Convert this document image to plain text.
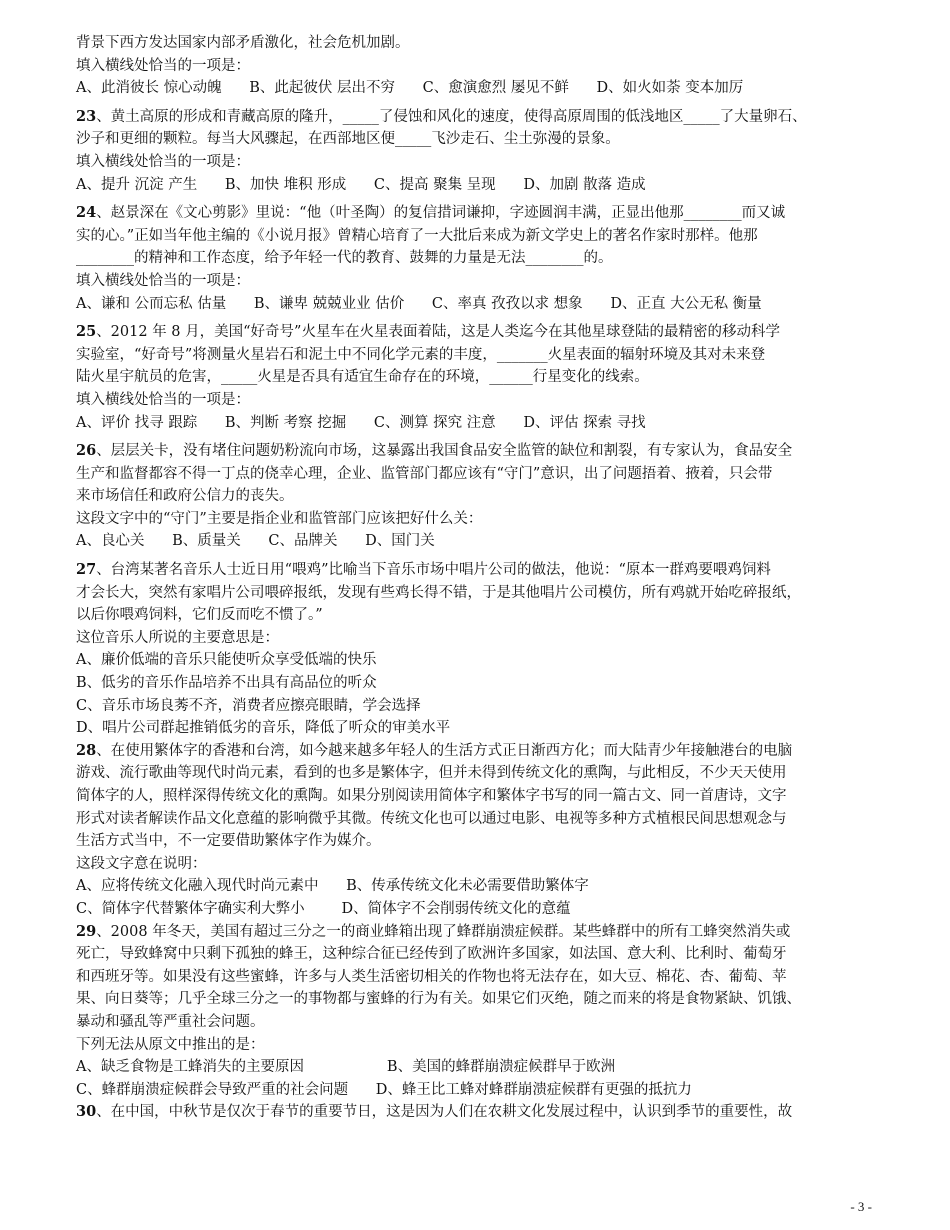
背景下西方发达国家内部矛盾激化，社会危机加剧。

填入横线处恰当的一项是：

A、此消彼长 惊心动魄      B、此起彼伏 层出不穷      C、愈演愈烈 屡见不鲜      D、如火如荼 变本加厉

23、黄土高原的形成和青藏高原的隆升，_____了侵蚀和风化的速度，使得高原周围的低浅地区_____了大量卵石、

沙子和更细的颗粒。每当大风骤起，在西部地区便_____飞沙走石、尘土弥漫的景象。

填入横线处恰当的一项是：

A、提升 沉淀 产生      B、加快 堆积 形成      C、提高 聚集 呈现      D、加剧 散落 造成

24、赵景深在《文心剪影》里说：“他（叶圣陶）的复信措词谦抑，字迹圆润丰满，正显出他那________而又诚

实的心。”正如当年他主编的《小说月报》曾精心培育了一大批后来成为新文学史上的著名作家时那样。他那

________的精神和工作态度，给予年轻一代的教育、鼓舞的力量是无法________的。

填入横线处恰当的一项是：

A、谦和 公而忘私 估量      B、谦卑 兢兢业业 估价      C、率真 孜孜以求 想象      D、正直 大公无私 衡量

25、2012 年 8 月，美国“好奇号”火星车在火星表面着陆，这是人类迄今在其他星球登陆的最精密的移动科学

实验室，“好奇号”将测量火星岩石和泥土中不同化学元素的丰度，_______火星表面的辐射环境及其对未来登

陆火星宇航员的危害，_____火星是否具有适宜生命存在的环境，______行星变化的线索。

填入横线处恰当的一项是：

A、评价 找寻 跟踪      B、判断 考察 挖掘      C、测算 探究 注意      D、评估 探索 寻找

26、层层关卡，没有堵住问题奶粉流向市场，这暴露出我国食品安全监管的缺位和割裂，有专家认为，食品安全

生产和监督都容不得一丁点的侥幸心理，企业、监管部门都应该有“守门”意识，出了问题捂着、掖着，只会带

来市场信任和政府公信力的丧失。

这段文字中的“守门”主要是指企业和监管部门应该把好什么关：

A、良心关      B、质量关      C、品牌关      D、国门关

27、台湾某著名音乐人士近日用“喂鸡”比喻当下音乐市场中唱片公司的做法，他说：“原本一群鸡要喂鸡饲料

才会长大，突然有家唱片公司喂碎报纸，发现有些鸡长得不错，于是其他唱片公司模仿，所有鸡就开始吃碎报纸，

以后你喂鸡饲料，它们反而吃不惯了。”

这位音乐人所说的主要意思是：

A、廉价低端的音乐只能使听众享受低端的快乐

B、低劣的音乐作品培养不出具有高品位的听众

C、音乐市场良莠不齐，消费者应擦亮眼睛，学会选择

D、唱片公司群起推销低劣的音乐，降低了听众的审美水平

28、在使用繁体字的香港和台湾，如今越来越多年轻人的生活方式正日渐西方化；而大陆青少年接触港台的电脑

游戏、流行歌曲等现代时尚元素，看到的也多是繁体字，但并未得到传统文化的熏陶，与此相反，不少天天使用

简体字的人，照样深得传统文化的熏陶。如果分别阅读用简体字和繁体字书写的同一篇古文、同一首唐诗，文字

形式对读者解读作品文化意蕴的影响微乎其微。传统文化也可以通过电影、电视等多种方式植根民间思想观念与

生活方式当中，不一定要借助繁体字作为媒介。

这段文字意在说明：

A、应将传统文化融入现代时尚元素中      B、传承传统文化未必需要借助繁体字

C、简体字代替繁体字确实利大弊小        D、简体字不会削弱传统文化的意蕴

29、2008 年冬天，美国有超过三分之一的商业蜂箱出现了蜂群崩溃症候群。某些蜂群中的所有工蜂突然消失或

死亡，导致蜂窝中只剩下孤独的蜂王，这种综合征已经传到了欧洲许多国家，如法国、意大利、比利时、葡萄牙

和西班牙等。如果没有这些蜜蜂，许多与人类生活密切相关的作物也将无法存在，如大豆、棉花、杏、葡萄、苹

果、向日葵等；几乎全球三分之一的事物都与蜜蜂的行为有关。如果它们灭绝，随之而来的将是食物紧缺、饥饿、

暴动和骚乱等严重社会问题。

下列无法从原文中推出的是：

A、缺乏食物是工蜂消失的主要原因                  B、美国的蜂群崩溃症候群早于欧洲

C、蜂群崩溃症候群会导致严重的社会问题      D、蜂王比工蜂对蜂群崩溃症候群有更强的抵抗力

30、在中国，中秋节是仅次于春节的重要节日，这是因为人们在农耕文化发展过程中，认识到季节的重要性，故

- 3 -
